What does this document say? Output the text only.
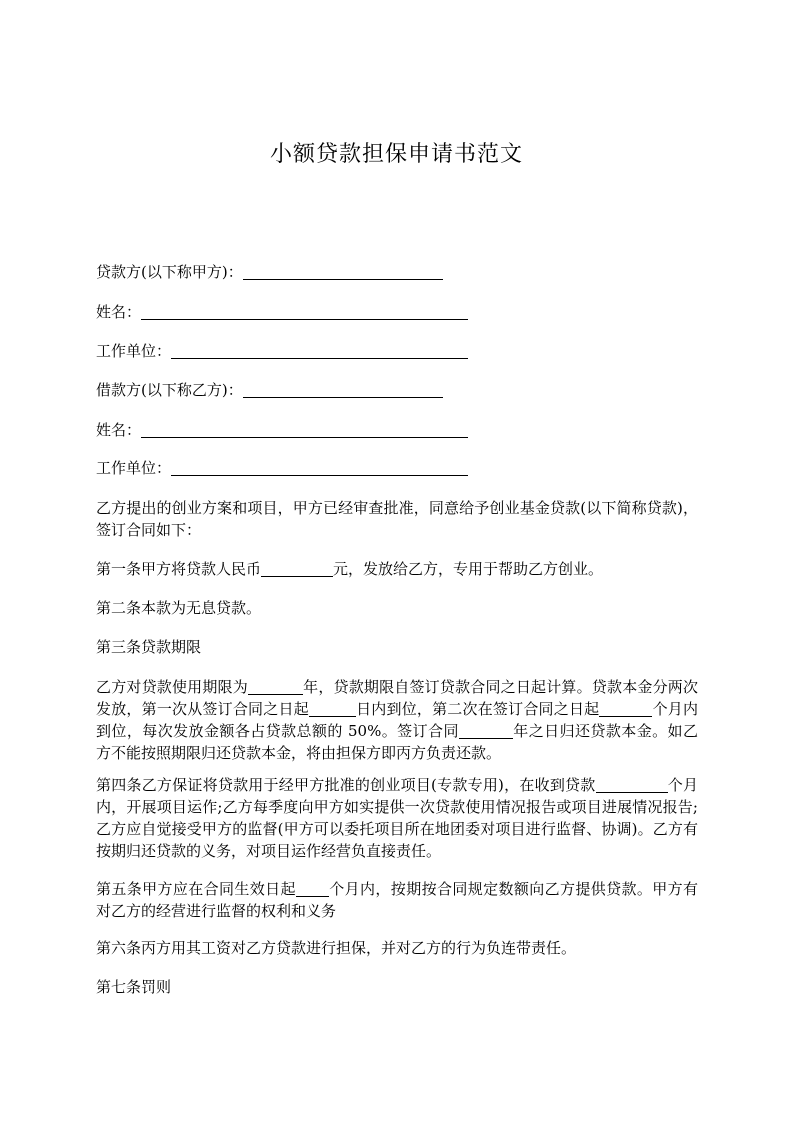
小额贷款担保申请书范文
贷款方(以下称甲方)：
姓名：
工作单位：
借款方(以下称乙方)：
姓名：
工作单位：
乙方提出的创业方案和项目，甲方已经审查批准，同意给予创业基金贷款(以下简称贷款)，签订合同如下：
第一条甲方将贷款人民币	元，发放给乙方，专用于帮助乙方创业。
第二条本款为无息贷款。
第三条贷款期限
乙方对贷款使用期限为	年，贷款期限自签订贷款合同之日起计算。贷款本金分两次发放，第一次从签订合同之日起	日内到位，第二次在签订合同之日起	个月内到位，每次发放金额各占贷款总额的 50%。签订合同	年之日归还贷款本金。如乙方不能按照期限归还贷款本金，将由担保方即丙方负责还款。
第四条乙方保证将贷款用于经甲方批准的创业项目(专款专用)，在收到贷款	个月内，开展项目运作;乙方每季度向甲方如实提供一次贷款使用情况报告或项目进展情况报告;乙方应自觉接受甲方的监督(甲方可以委托项目所在地团委对项目进行监督、协调)。乙方有按期归还贷款的义务，对项目运作经营负直接责任。
第五条甲方应在合同生效日起 个月内，按期按合同规定数额向乙方提供贷款。甲方有对乙方的经营进行监督的权利和义务
第六条丙方用其工资对乙方贷款进行担保，并对乙方的行为负连带责任。
第七条罚则
